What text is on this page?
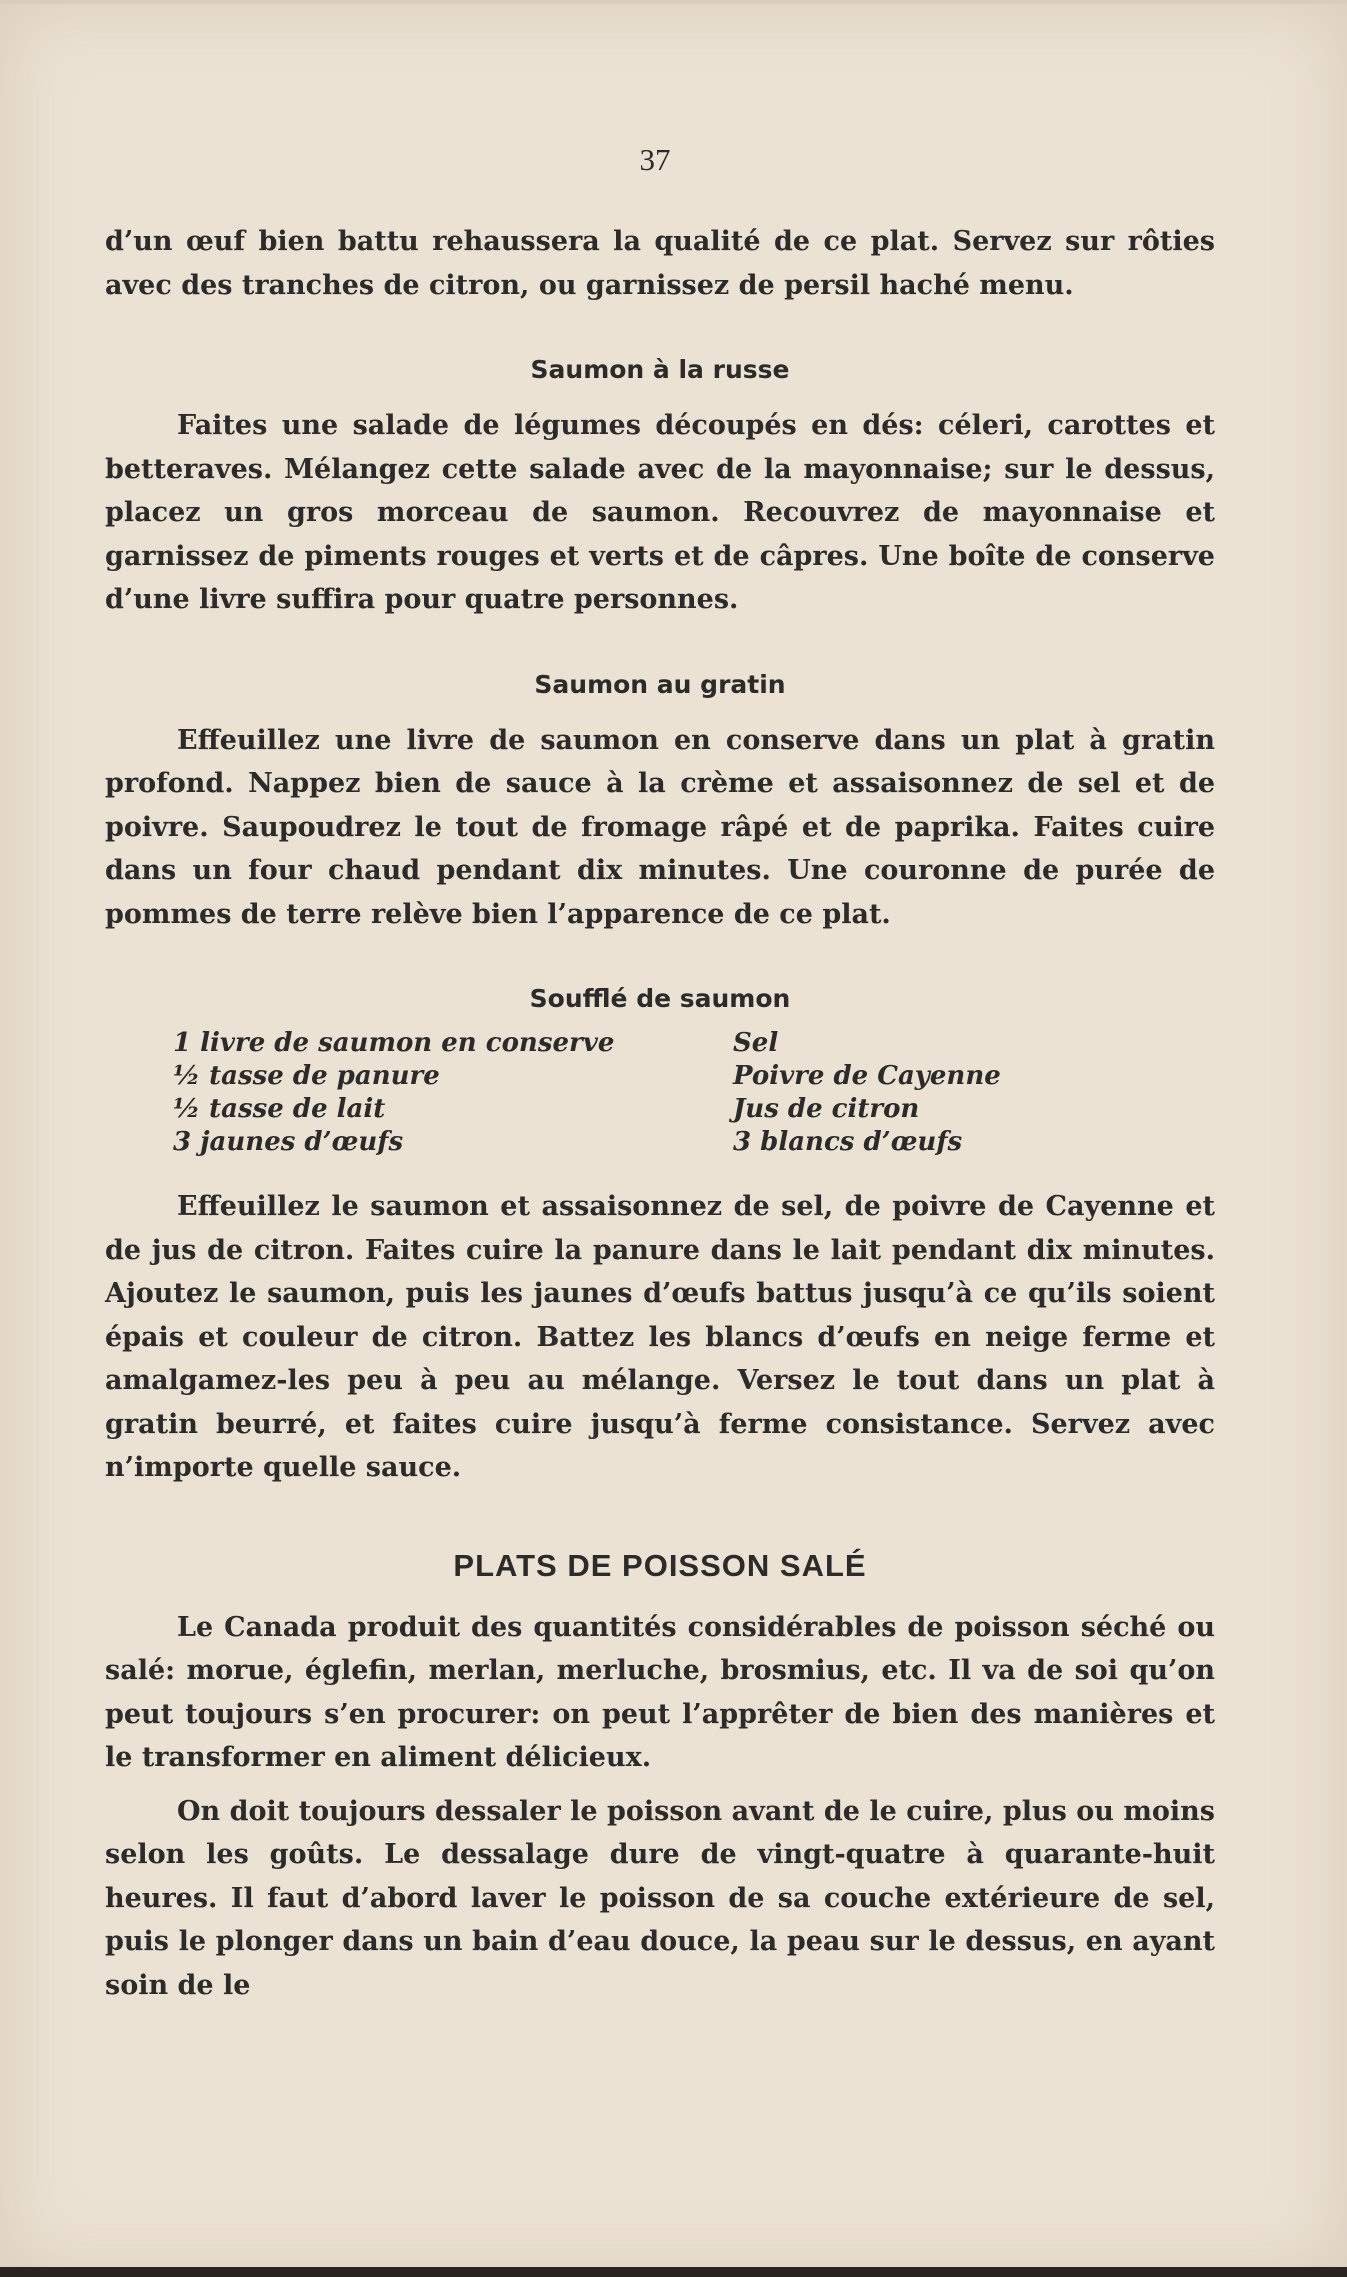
37

d’un œuf bien battu rehaussera la qualité de ce plat. Servez sur rôties avec des tranches de citron, ou garnissez de persil haché menu.

Saumon à la russe

Faites une salade de légumes découpés en dés: céleri, carottes et betteraves. Mélangez cette salade avec de la mayonnaise; sur le dessus, placez un gros morceau de saumon. Recouvrez de mayonnaise et garnissez de piments rouges et verts et de câpres. Une boîte de conserve d’une livre suffira pour quatre personnes.

Saumon au gratin

Effeuillez une livre de saumon en conserve dans un plat à gratin profond. Nappez bien de sauce à la crème et assaisonnez de sel et de poivre. Saupoudrez le tout de fromage râpé et de paprika. Faites cuire dans un four chaud pendant dix minutes. Une couronne de purée de pommes de terre relève bien l’apparence de ce plat.

Soufflé de saumon
1 livre de saumon en conserve
½ tasse de panure
½ tasse de lait
3 jaunes d’œufs
Sel
Poivre de Cayenne
Jus de citron
3 blancs d’œufs

Effeuillez le saumon et assaisonnez de sel, de poivre de Cayenne et de jus de citron. Faites cuire la panure dans le lait pendant dix minutes. Ajoutez le saumon, puis les jaunes d’œufs battus jusqu’à ce qu’ils soient épais et couleur de citron. Battez les blancs d’œufs en neige ferme et amalgamez-les peu à peu au mélange. Versez le tout dans un plat à gratin beurré, et faites cuire jusqu’à ferme consistance. Servez avec n’importe quelle sauce.

PLATS DE POISSON SALÉ

Le Canada produit des quantités considérables de poisson séché ou salé: morue, églefin, merlan, merluche, brosmius, etc. Il va de soi qu’on peut toujours s’en procurer: on peut l’apprêter de bien des manières et le transformer en aliment délicieux.

On doit toujours dessaler le poisson avant de le cuire, plus ou moins selon les goûts. Le dessalage dure de vingt-quatre à quarante-huit heures. Il faut d’abord laver le poisson de sa couche extérieure de sel, puis le plonger dans un bain d’eau douce, la peau sur le dessus, en ayant soin de le
